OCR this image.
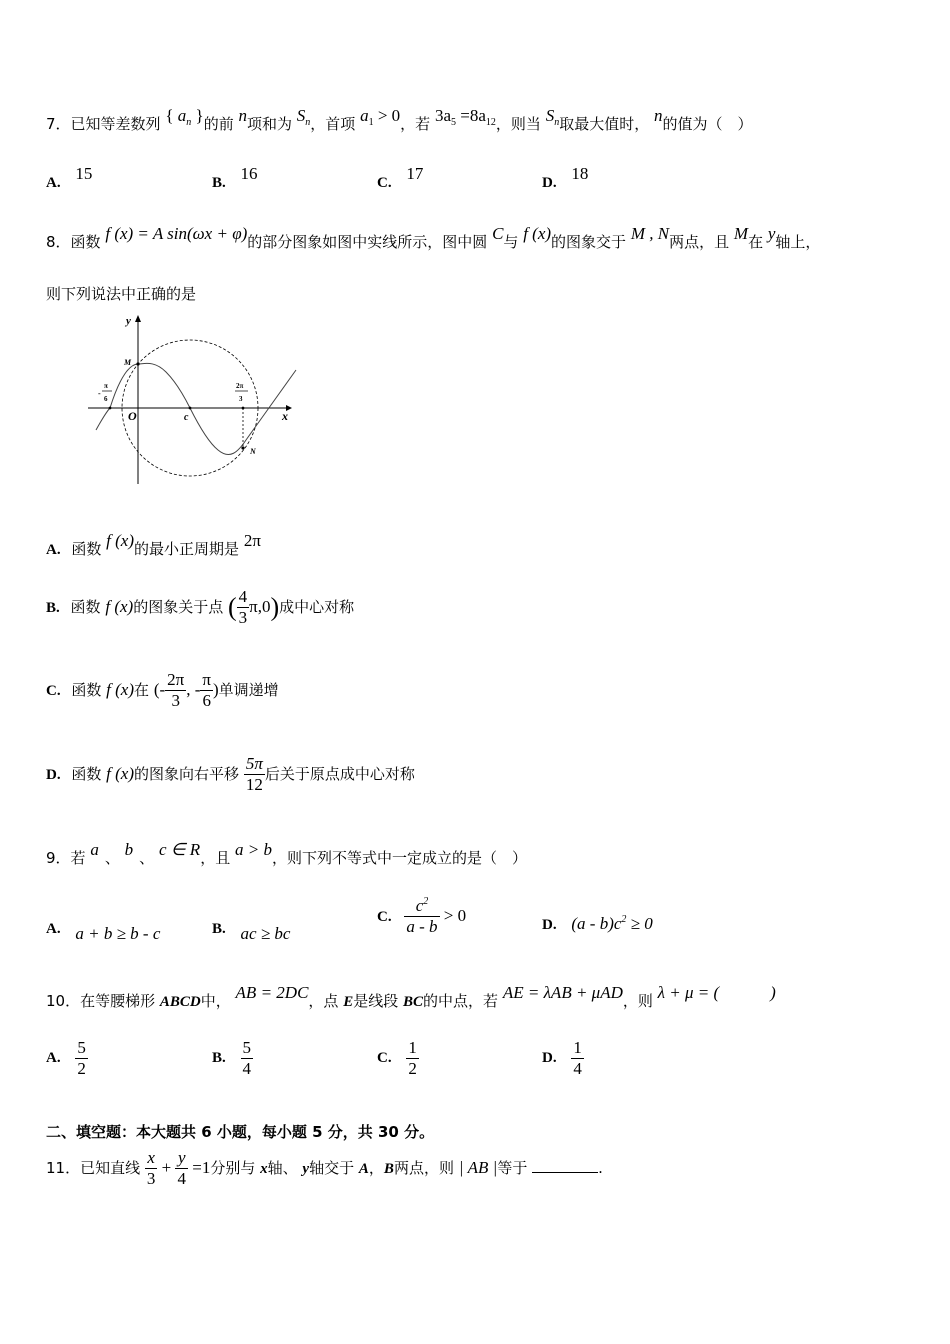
7．已知等差数列 { $a_n$ }的前 n项和为 $S_n$，首项 $a_1 > 0$，若 $3a_5 =8a_{12}$，则当 $S_n$取最大值时， n的值为（　）
A. 15	B. 16	C. 17	D. 18
8．函数 f (x) = A sin(ωx + φ)的部分图象如图中实线所示，图中圆 C与 f (x)的图象交于 M , N两点，且 M在 y轴上，
则下列说法中正确的是
y
x
O	c
M
N
-
π
6
2π
3
A. 函数 f (x)的最小正周期是 2π
B. 函数 f (x)的图象关于点 ( $\frac{4}{3} \pi,0$)成中心对称
C. 函数 f (x)在 (- $\frac{2\pi}{3}$ , - $\frac{\pi}{6}$ )单调递增
D. 函数 f (x)的图象向右平移 $\frac{5\pi}{12}$ 后关于原点成中心对称
9．若 a 、 b 、 c ∈ R，且 a > b，则下列不等式中一定成立的是（　）
A. a + b ≥ b - c	B. ac ≥ bc
C. $\frac{c^2}{a - b} > 0$	D. $(a - b)c^2 \ge 0$
10．在等腰梯形 ABCD中， AB = 2DC，点 E是线段 BC的中点，若 AE = λAB + μAD，则 λ + μ = (　　　)
A. $\frac{5}{2}$	B. $\frac{5}{4}$	C. $\frac{1}{2}$	D. $\frac{1}{4}$
二、填空题：本大题共 6 小题，每小题 5 分，共 30 分。
11．已知直线 $\frac{x}{3} + \frac{y}{4} =1$分别与 x轴、 y轴交于 A，B两点，则 | AB |等于	.
